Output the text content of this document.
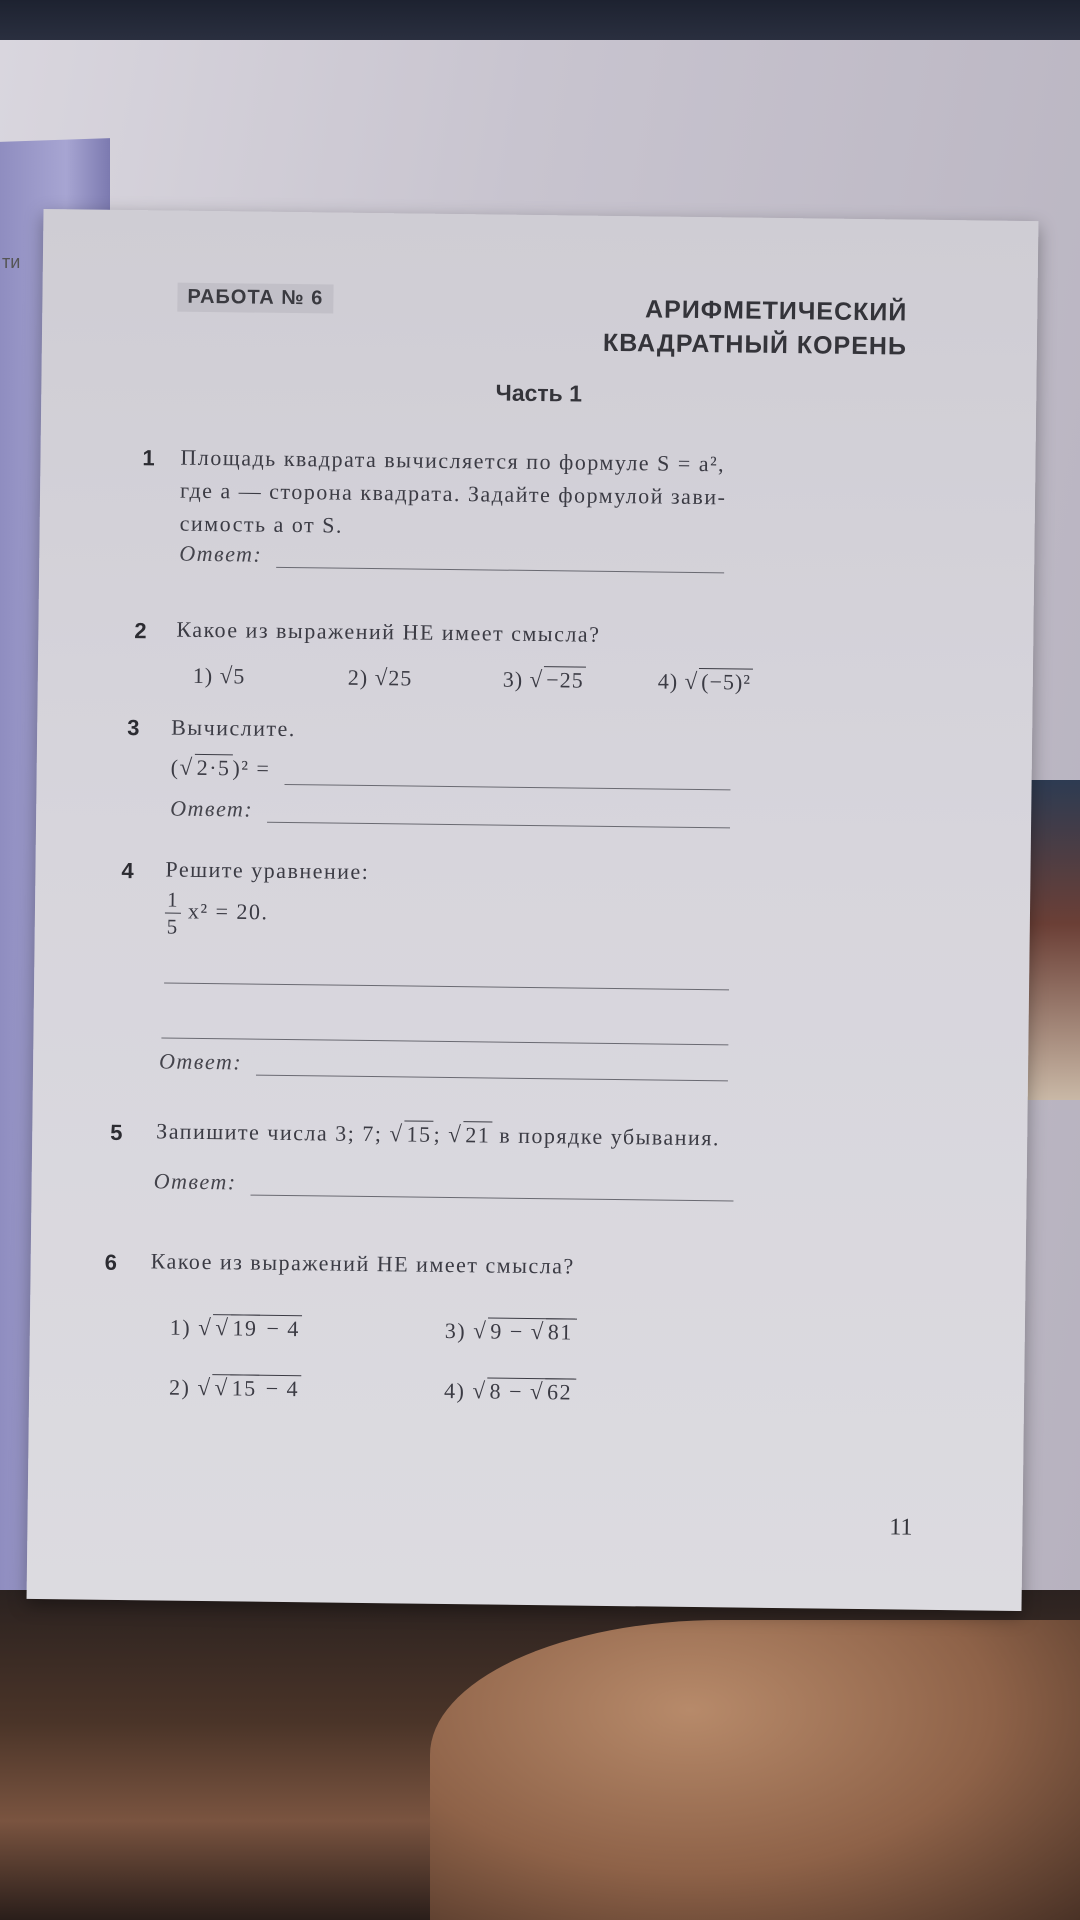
ти
РАБОТА № 6	АРИФМЕТИЧЕСКИЙ
КВАДРАТНЫЙ КОРЕНЬ
Часть 1
1 Площадь квадрата вычисляется по формуле S = a²,
где a — сторона квадрата. Задайте формулой зави-
симость a от S.
Ответ:
2 Какое из выражений НЕ имеет смысла?
1) √5	2) √25	3) √ −25	4) √ (−5)²
3 Вычислите.
(√ 2·5)² =
Ответ:
4 Решите уравнение:
$\frac{1}{5} x^2 = 20$.
Ответ:
5 Запишите числа 3; 7; √ 15; √ 21 в порядке убывания.
Ответ:
6 Какое из выражений НЕ имеет смысла?
1) √ √ 19 − 4
2) √ √ 15 − 4
3) √ 9 − √ 81
4) √ 8 − √ 62
11
